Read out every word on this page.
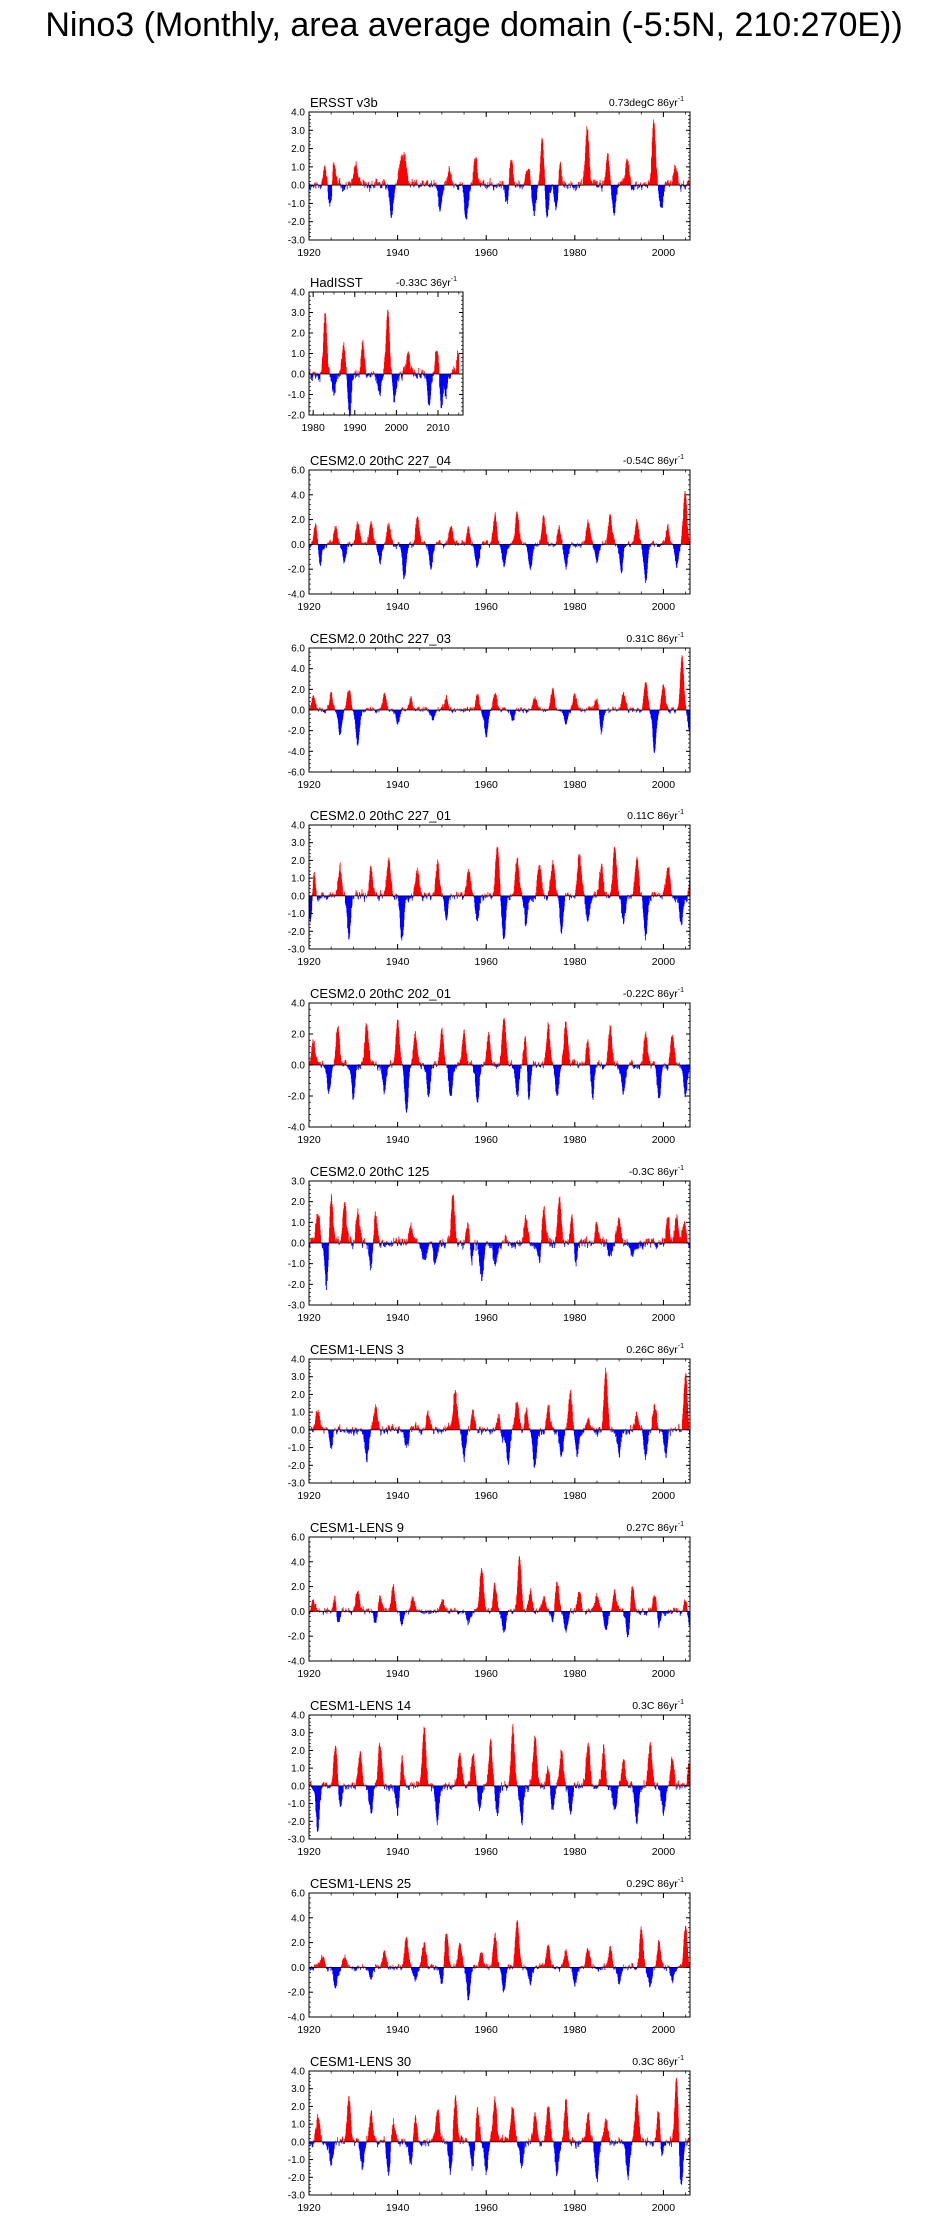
Nino3 (Monthly, area average domain (-5:5N, 210:270E))
-3.0
-2.0
-1.0
0.0
1.0
2.0
3.0
4.0
1920	1940	1960	1980	2000
ERSST v3b	0.73degC $86yr^{-1}$
-2.0
-1.0
0.0
1.0
2.0
3.0
4.0
1980 1990 2000 2010
HadISST	-0.33C $36yr^{-1}$
-4.0
-2.0
0.0
2.0
4.0
6.0
1920	1940	1960	1980	2000
CESM2.0 20thC 227_04	-0.54C $86yr^{-1}$
-6.0
-4.0
-2.0
0.0
2.0
4.0
6.0
1920	1940	1960	1980	2000
CESM2.0 20thC 227_03	0.31C $86yr^{-1}$
-3.0
-2.0
-1.0
0.0
1.0
2.0
3.0
4.0
1920	1940	1960	1980	2000
CESM2.0 20thC 227_01	0.11C $86yr^{-1}$
-4.0
-2.0
0.0
2.0
4.0
1920	1940	1960	1980	2000
CESM2.0 20thC 202_01	-0.22C $86yr^{-1}$
-3.0
-2.0
-1.0
0.0
1.0
2.0
3.0
1920	1940	1960	1980	2000
CESM2.0 20thC 125	-0.3C $86yr^{-1}$
-3.0
-2.0
-1.0
0.0
1.0
2.0
3.0
4.0
1920	1940	1960	1980	2000
CESM1-LENS 3	0.26C $86yr^{-1}$
-4.0
-2.0
0.0
2.0
4.0
6.0
1920	1940	1960	1980	2000
CESM1-LENS 9	0.27C $86yr^{-1}$
-3.0
-2.0
-1.0
0.0
1.0
2.0
3.0
4.0
1920	1940	1960	1980	2000
CESM1-LENS 14	0.3C $86yr^{-1}$
-4.0
-2.0
0.0
2.0
4.0
6.0
1920	1940	1960	1980	2000
CESM1-LENS 25	0.29C $86yr^{-1}$
-3.0
-2.0
-1.0
0.0
1.0
2.0
3.0
4.0
1920	1940	1960	1980	2000
CESM1-LENS 30	0.3C $86yr^{-1}$
